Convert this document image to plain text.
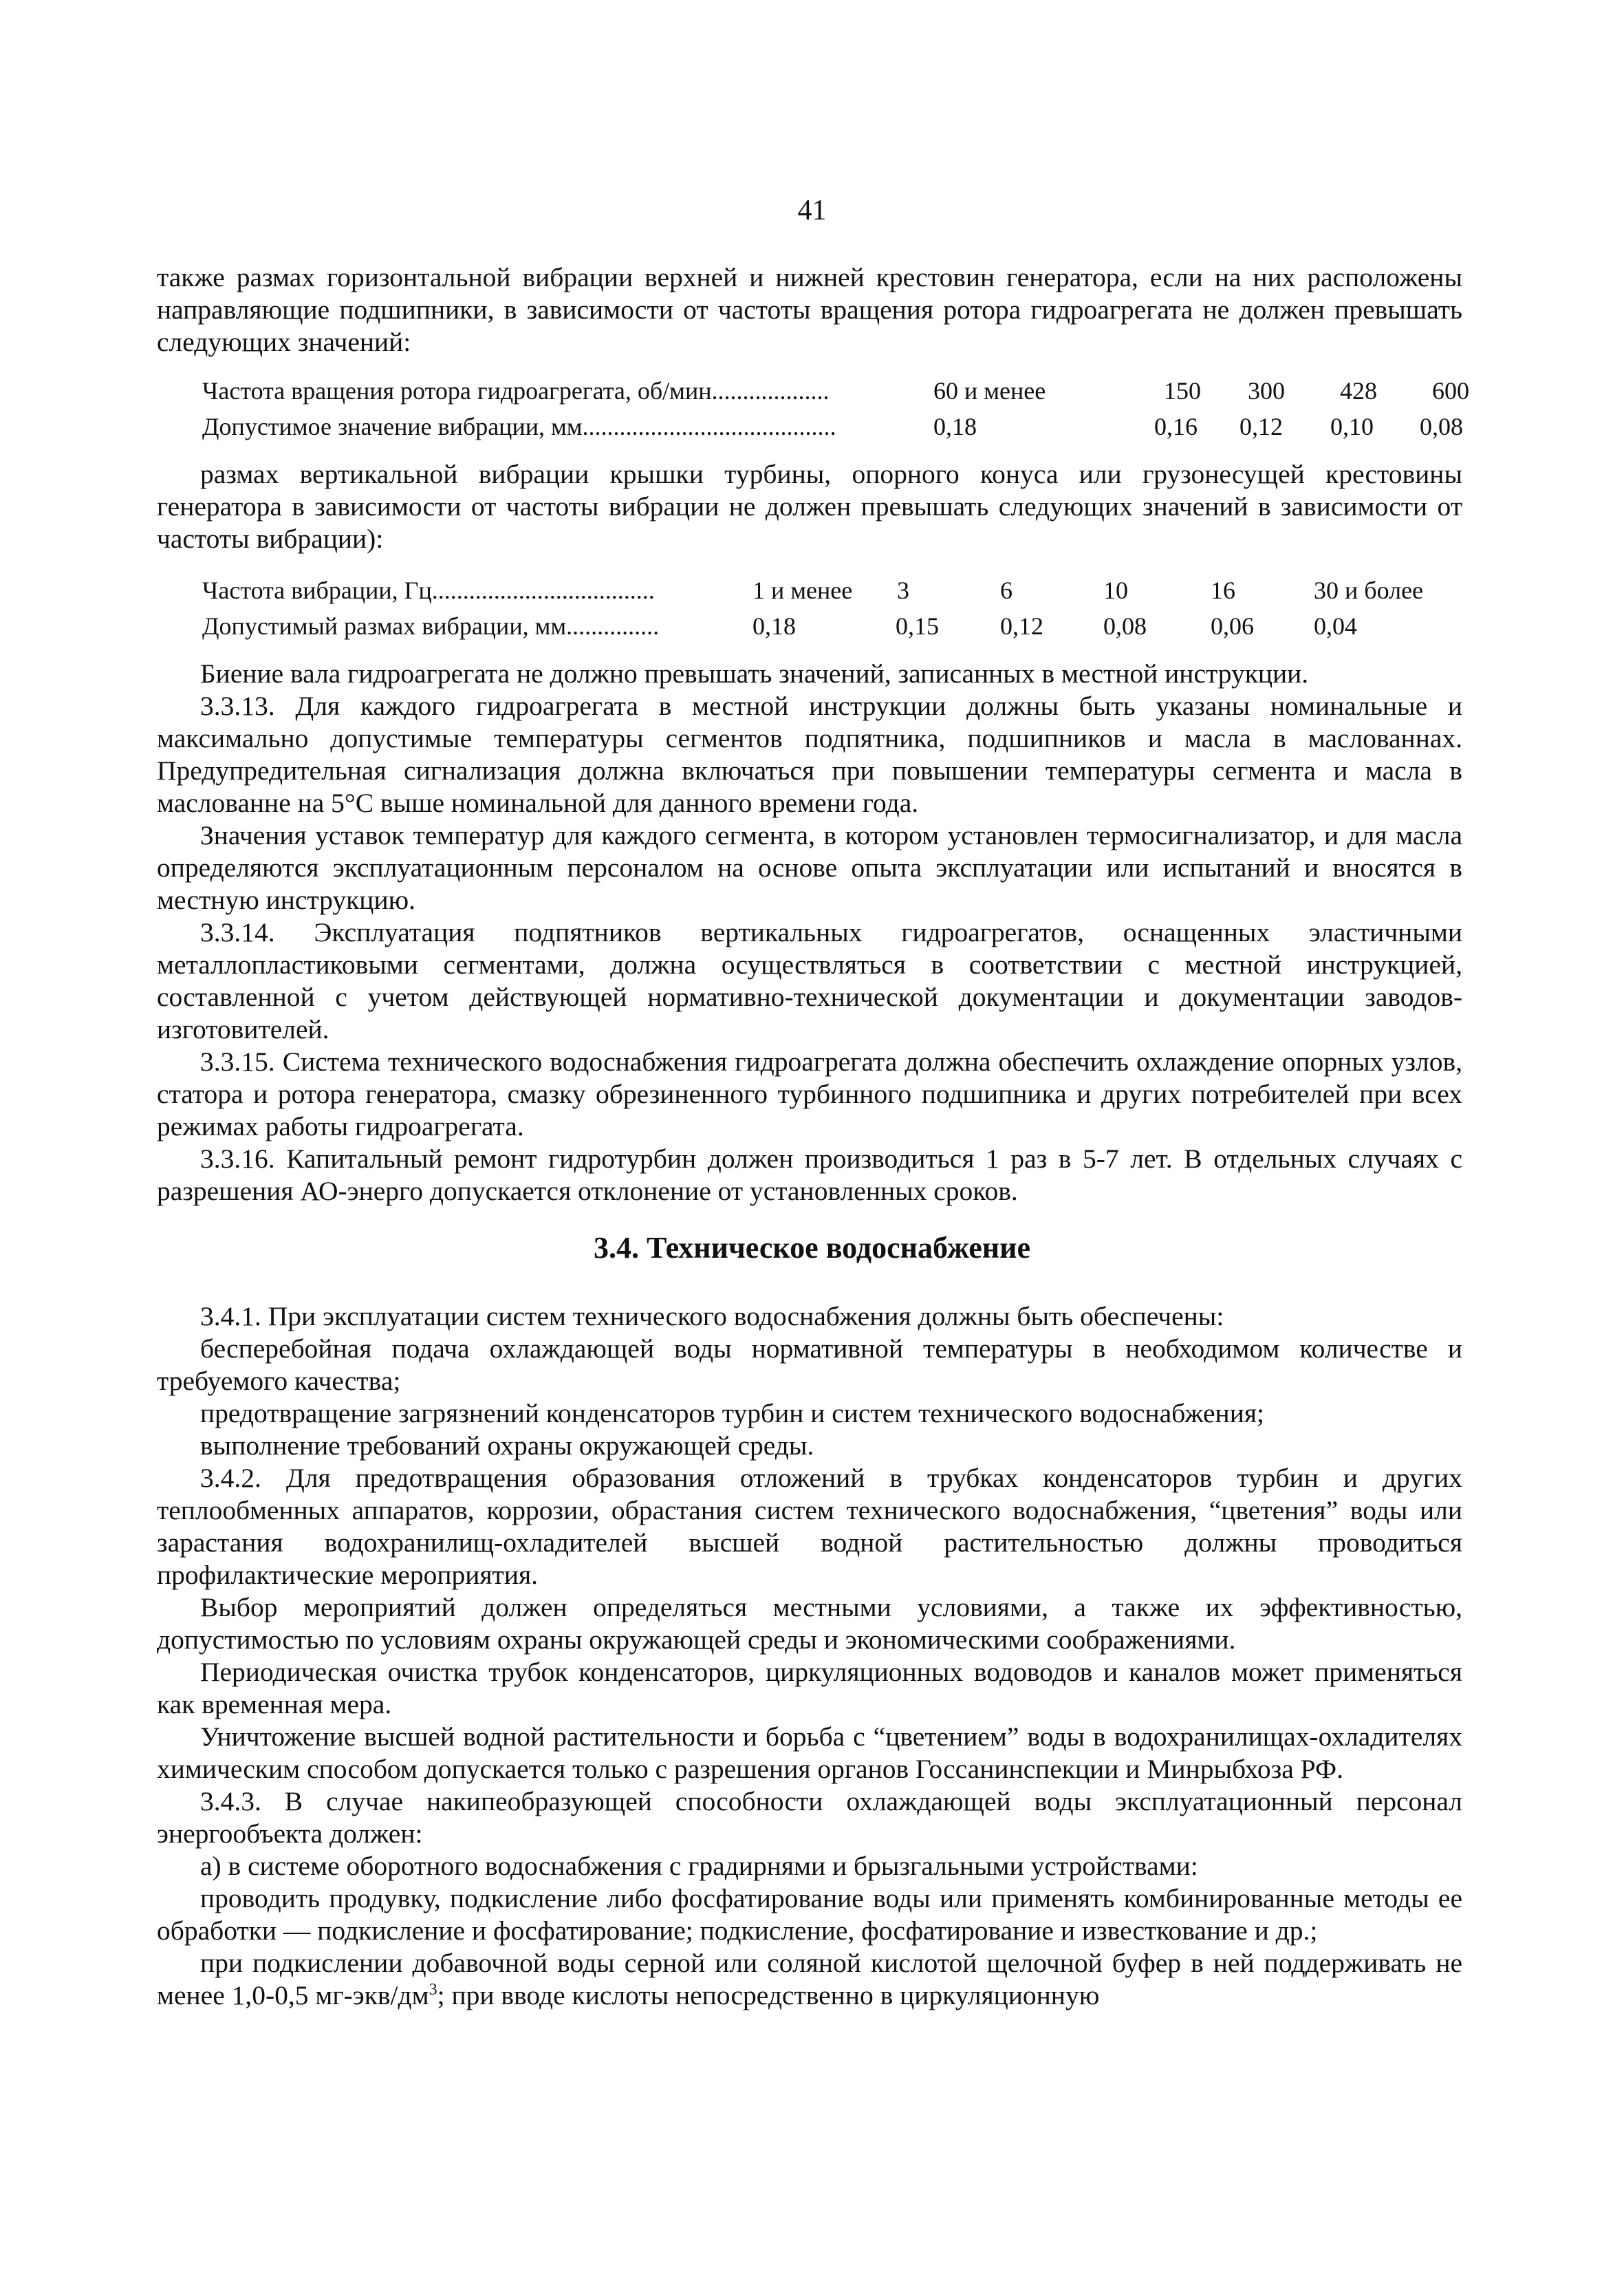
41

также размах горизонтальной вибрации верхней и нижней крестовин генератора, если на них расположены направляющие подшипники, в зависимости от частоты вращения ротора гидроагрегата не должен превышать следующих значений:

Частота вращения ротора гидроагрегата, об/мин...................	60 и менее	150 300 428 600
Допустимое значение вибрации, мм.........................................	0,18	0,16 0,12 0,10 0,08

размах вертикальной вибрации крышки турбины, опорного конуса или грузонесущей крестовины генератора в зависимости от частоты вибрации не должен превышать следующих значений в зависимости от частоты вибрации):

Частота вибрации, Гц....................................	1 и менее 3	6	10	16	30 и более
Допустимый размах вибрации, мм...............	0,18	0,15 0,12 0,08	0,06 0,04

Биение вала гидроагрегата не должно превышать значений, записанных в местной инструкции.

3.3.13. Для каждого гидроагрегата в местной инструкции должны быть указаны номинальные и максимально допустимые температуры сегментов подпятника, подшипников и масла в маслованнах. Предупредительная сигнализация должна включаться при повышении температуры сегмента и масла в маслованне на 5°С выше номинальной для данного времени года.

Значения уставок температур для каждого сегмента, в котором установлен термосигнализатор, и для масла определяются эксплуатационным персоналом на основе опыта эксплуатации или испытаний и вносятся в местную инструкцию.

3.3.14. Эксплуатация подпятников вертикальных гидроагрегатов, оснащенных эластичными металлопластиковыми сегментами, должна осуществляться в соответствии с местной инструкцией, составленной с учетом действующей нормативно-технической документации и документации заводов-изготовителей.

3.3.15. Система технического водоснабжения гидроагрегата должна обеспечить охлаждение опорных узлов, статора и ротора генератора, смазку обрезиненного турбинного подшипника и других потребителей при всех режимах работы гидроагрегата.

3.3.16. Капитальный ремонт гидротурбин должен производиться 1 раз в 5-7 лет. В отдельных случаях с разрешения АО-энерго допускается отклонение от установленных сроков.

3.4. Техническое водоснабжение

3.4.1. При эксплуатации систем технического водоснабжения должны быть обеспечены:

бесперебойная подача охлаждающей воды нормативной температуры в необходимом количестве и требуемого качества;

предотвращение загрязнений конденсаторов турбин и систем технического водоснабжения;

выполнение требований охраны окружающей среды.

3.4.2. Для предотвращения образования отложений в трубках конденсаторов турбин и других теплообменных аппаратов, коррозии, обрастания систем технического водоснабжения, “цветения” воды или зарастания водохранилищ-охладителей высшей водной растительностью должны проводиться профилактические мероприятия.

Выбор мероприятий должен определяться местными условиями, а также их эффективностью, допустимостью по условиям охраны окружающей среды и экономическими соображениями.

Периодическая очистка трубок конденсаторов, циркуляционных водоводов и каналов может применяться как временная мера.

Уничтожение высшей водной растительности и борьба с “цветением” воды в водохранилищах-охладителях химическим способом допускается только с разрешения органов Госсанинспекции и Минрыбхоза РФ.

3.4.3. В случае накипеобразующей способности охлаждающей воды эксплуатационный персонал энергообъекта должен:

а) в системе оборотного водоснабжения с градирнями и брызгальными устройствами:

проводить продувку, подкисление либо фосфатирование воды или применять комбинированные методы ее обработки — подкисление и фосфатирование; подкисление, фосфатирование и известкование и др.;

при подкислении добавочной воды серной или соляной кислотой щелочной буфер в ней поддерживать не менее 1,0-0,5 $мг-экв/дм^3$; при вводе кислоты непосредственно в циркуляционную
